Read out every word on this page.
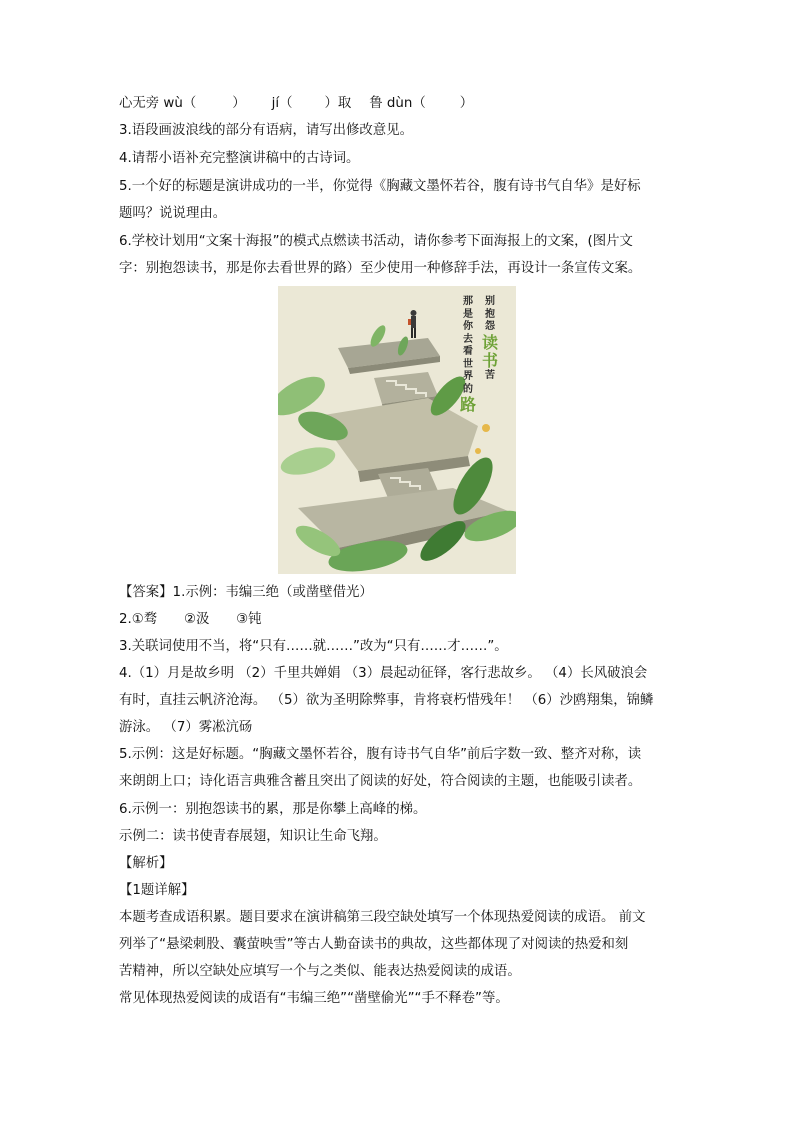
心无旁 wù（	） jí（ ）取 鲁 dùn（	）
3.语段画波浪线的部分有语病，请写出修改意见。
4.请帮小语补充完整演讲稿中的古诗词。
5.一个好的标题是演讲成功的一半，你觉得《胸藏文墨怀若谷，腹有诗书气自华》是好标
题吗？说说理由。
6.学校计划用“文案十海报”的模式点燃读书活动，请你参考下面海报上的文案，(图片文
字：别抱怨读书，那是你去看世界的路）至少使用一种修辞手法，再设计一条宣传文案。
那
是
你
去
看
世
界
的
路
别
抱
怨
读
书
苦
【答案】1.示例：韦编三绝（或凿壁借光）
2.①骛　　②汲　　③钝
3.关联词使用不当，将“只有……就……”改为“只有……才……”。
4.（1）月是故乡明 （2）千里共婵娟 （3）晨起动征铎，客行悲故乡。 （4）长风破浪会
有时，直挂云帆济沧海。 （5）欲为圣明除弊事，肯将衰朽惜残年！ （6）沙鸥翔集，锦鳞
游泳。 （7）雾凇沆砀
5.示例：这是好标题。“胸藏文墨怀若谷，腹有诗书气自华”前后字数一致、整齐对称，读
来朗朗上口；诗化语言典雅含蓄且突出了阅读的好处，符合阅读的主题，也能吸引读者。
6.示例一：别抱怨读书的累，那是你攀上高峰的梯。
示例二：读书使青春展翅，知识让生命飞翔。
【解析】
【1题详解】
本题考查成语积累。题目要求在演讲稿第三段空缺处填写一个体现热爱阅读的成语。 前文
列举了“悬梁刺股、囊萤映雪”等古人勤奋读书的典故，这些都体现了对阅读的热爱和刻
苦精神，所以空缺处应填写一个与之类似、能表达热爱阅读的成语。
常见体现热爱阅读的成语有“韦编三绝”“凿壁偷光”“手不释卷”等。
